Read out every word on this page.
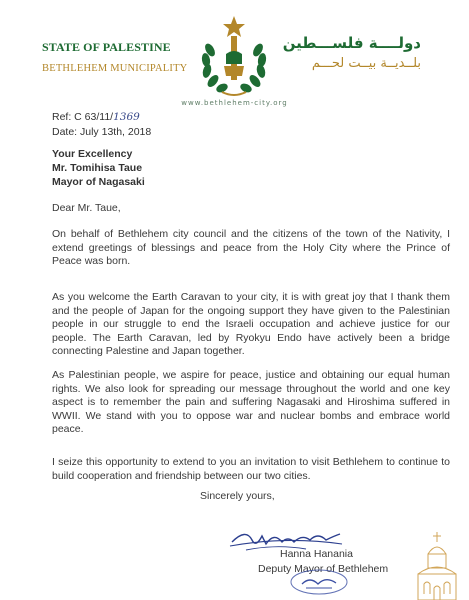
STATE OF PALESTINE
BETHLEHEM MUNICIPALITY
دولــــة فلســـطين
بلــديــة بيــت لحـــم
www.bethlehem-city.org
Ref: C 63/11/1369
Date: July 13th, 2018
Your Excellency
Mr. Tomihisa Taue
Mayor of Nagasaki
Dear Mr. Taue,
On behalf of Bethlehem city council and the citizens of the town of the Nativity, I extend greetings of blessings and peace from the Holy City where the Prince of Peace was born.
As you welcome the Earth Caravan to your city, it is with great joy that I thank them and the people of Japan for the ongoing support they have given to the Palestinian people in our struggle to end the Israeli occupation and achieve justice for our people. The Earth Caravan, led by Ryokyu Endo have actively been a bridge connecting Palestine and Japan together.
As Palestinian people, we aspire for peace, justice and obtaining our equal human rights. We also look for spreading our message throughout the world and one key aspect is to remember the pain and suffering Nagasaki and Hiroshima suffered in WWII. We stand with you to oppose war and nuclear bombs and embrace world peace.
I seize this opportunity to extend to you an invitation to visit Bethlehem to continue to build cooperation and friendship between our two cities.
Sincerely yours,
Hanna Hanania
Deputy Mayor of Bethlehem
